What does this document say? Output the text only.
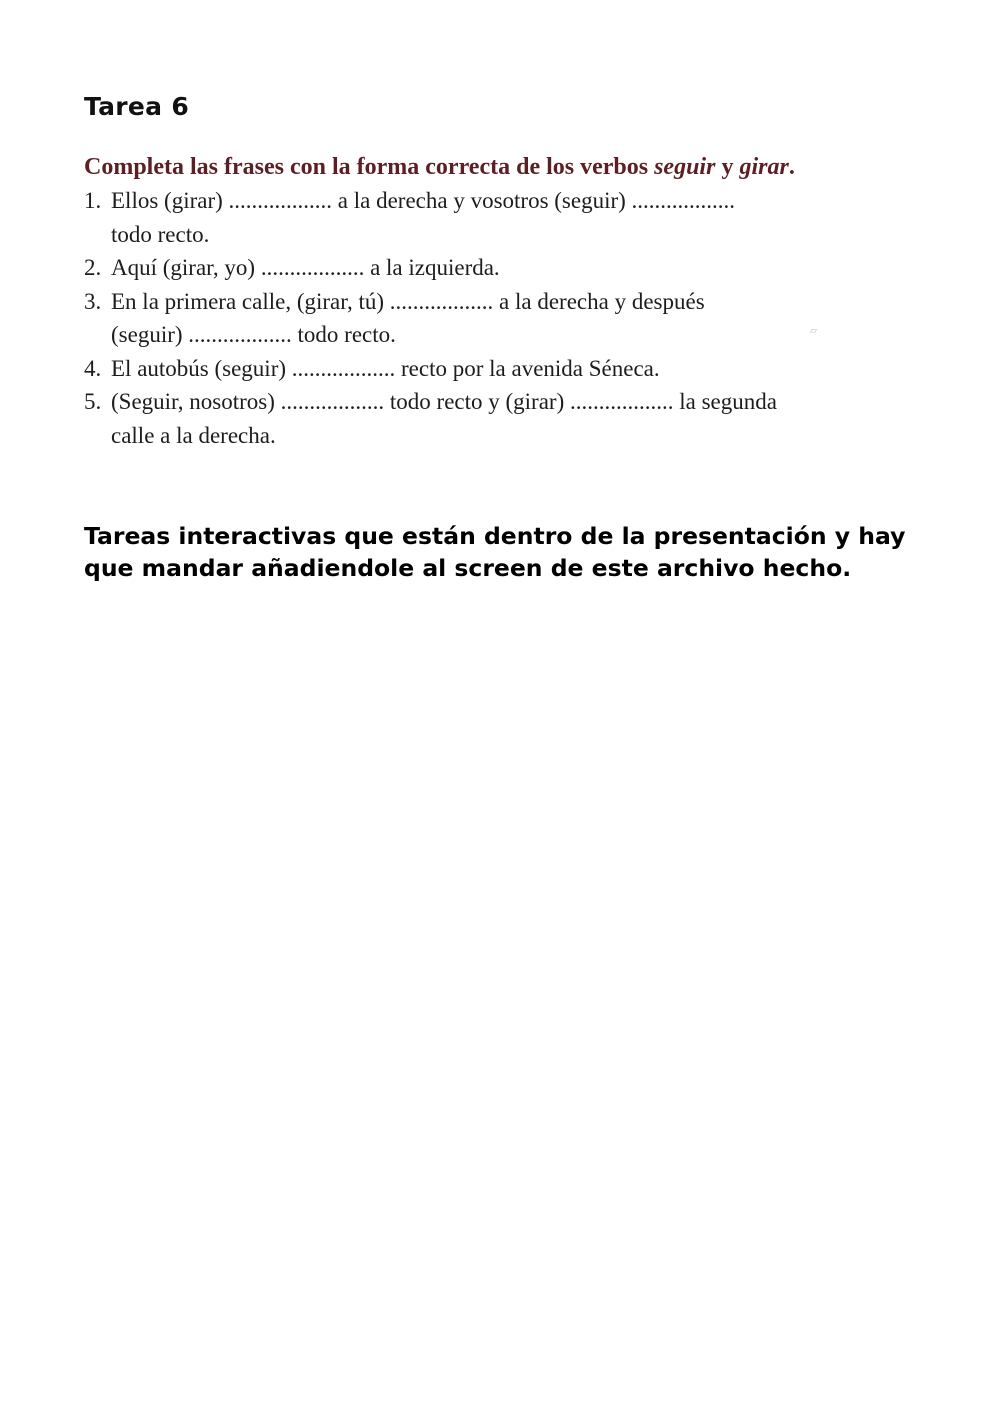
Tarea 6

Completa las frases con la forma correcta de los verbos seguir y girar.

1. Ellos (girar) .................. a la derecha y vosotros (seguir) ..................
todo recto.
2. Aquí (girar, yo) .................. a la izquierda.
3. En la primera calle, (girar, tú) .................. a la derecha y después
(seguir) .................. todo recto.
4. El autobús (seguir) .................. recto por la avenida Séneca.
5. (Seguir, nosotros) .................. todo recto y (girar) .................. la segunda
calle a la derecha.
▱

Tareas interactivas que están dentro de la presentación y hay que mandar añadiendole al screen de este archivo hecho.
